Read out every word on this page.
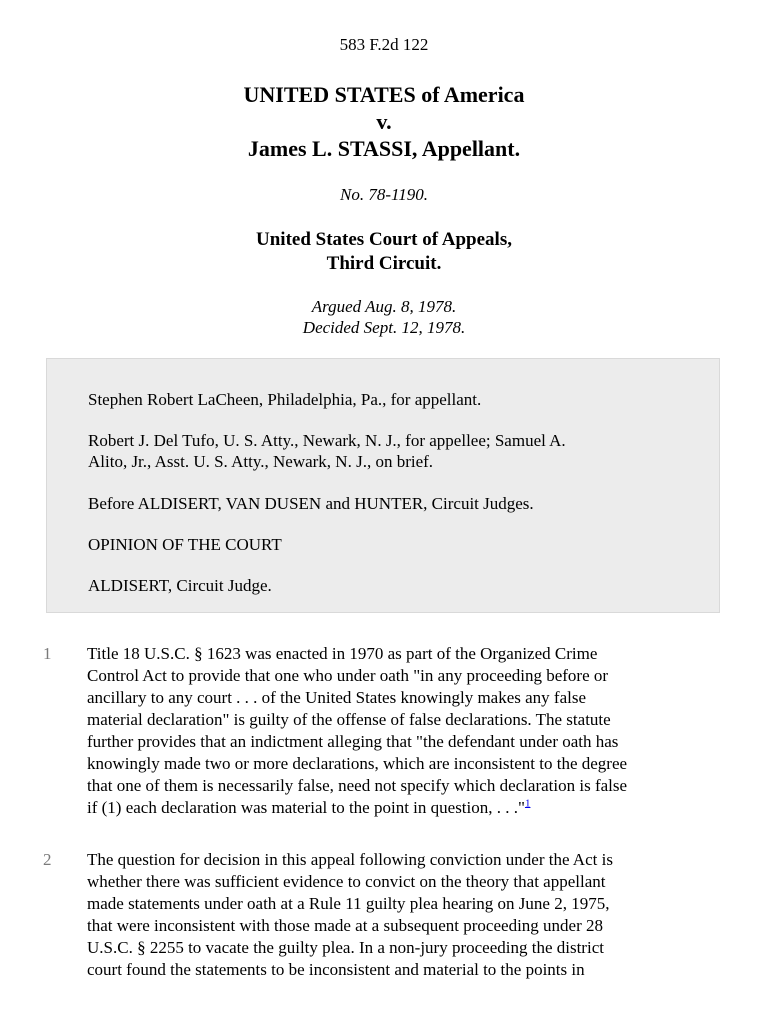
583 F.2d 122
UNITED STATES of America
v.
James L. STASSI, Appellant.
No. 78-1190.
United States Court of Appeals,
Third Circuit.
Argued Aug. 8, 1978.
Decided Sept. 12, 1978.

Stephen Robert LaCheen, Philadelphia, Pa., for appellant.

Robert J. Del Tufo, U. S. Atty., Newark, N. J., for appellee; Samuel A.
Alito, Jr., Asst. U. S. Atty., Newark, N. J., on brief.

Before ALDISERT, VAN DUSEN and HUNTER, Circuit Judges.

OPINION OF THE COURT

ALDISERT, Circuit Judge.

1	Title 18 U.S.C. § 1623 was enacted in 1970 as part of the Organized Crime
Control Act to provide that one who under oath "in any proceeding before or
ancillary to any court . . . of the United States knowingly makes any false
material declaration" is guilty of the offense of false declarations. The statute
further provides that an indictment alleging that "the defendant under oath has
knowingly made two or more declarations, which are inconsistent to the degree
that one of them is necessarily false, need not specify which declaration is false
if (1) each declaration was material to the point in question, . . ."$^1$
2	The question for decision in this appeal following conviction under the Act is
whether there was sufficient evidence to convict on the theory that appellant
made statements under oath at a Rule 11 guilty plea hearing on June 2, 1975,
that were inconsistent with those made at a subsequent proceeding under 28
U.S.C. § 2255 to vacate the guilty plea. In a non-jury proceeding the district
court found the statements to be inconsistent and material to the points in
